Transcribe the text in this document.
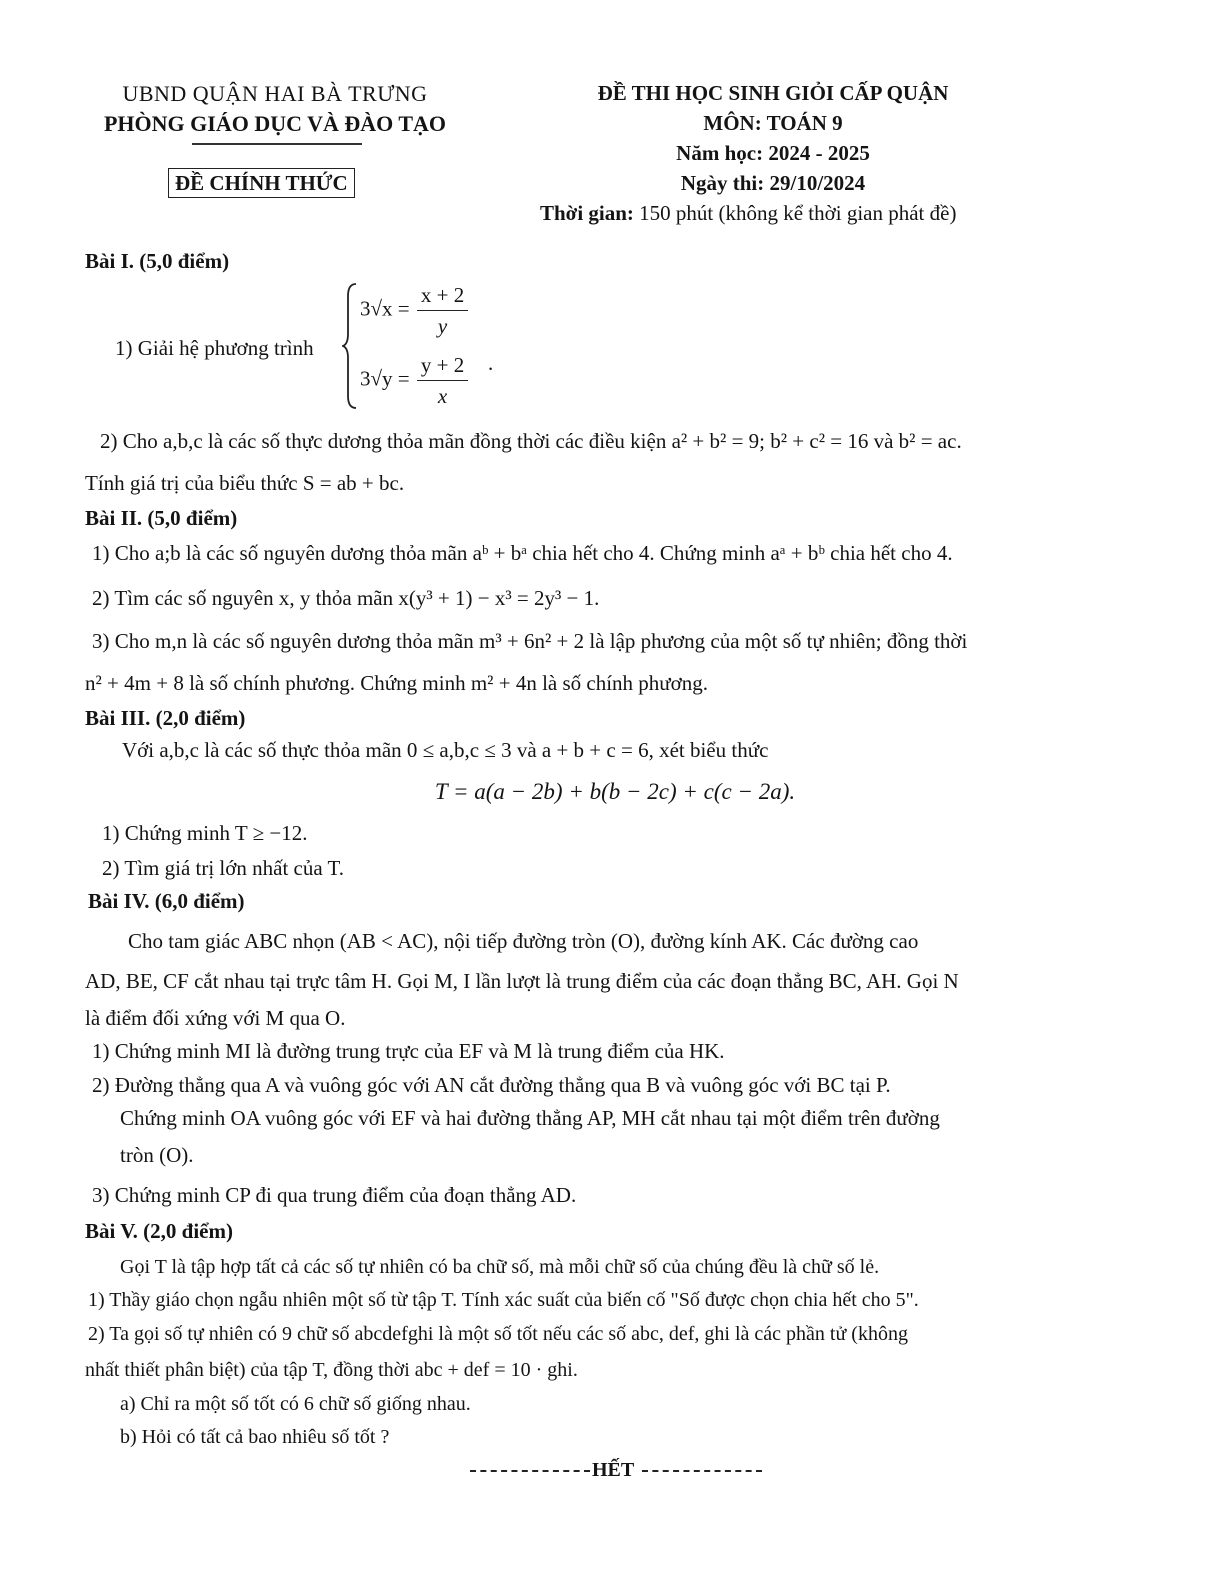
UBND QUẬN HAI BÀ TRƯNG
PHÒNG GIÁO DỤC VÀ ĐÀO TẠO
ĐỀ CHÍNH THỨC
ĐỀ THI HỌC SINH GIỎI CẤP QUẬN
MÔN: TOÁN 9
Năm học: 2024 - 2025
Ngày thi: 29/10/2024
Thời gian: 150 phút (không kể thời gian phát đề)
Bài I. (5,0 điểm)
1) Giải hệ phương trình
$3√x = \frac{x + 2}{y}$
$3√y = \frac{y + 2}{x}$ .
2) Cho a,b,c là các số thực dương thỏa mãn đồng thời các điều kiện a² + b² = 9; b² + c² = 16 và b² = ac.
Tính giá trị của biểu thức S = ab + bc.
Bài II. (5,0 điểm)
1) Cho a;b là các số nguyên dương thỏa mãn aᵇ + bᵃ chia hết cho 4. Chứng minh aᵃ + bᵇ chia hết cho 4.
2) Tìm các số nguyên x, y thỏa mãn x(y³ + 1) − x³ = 2y³ − 1.
3) Cho m,n là các số nguyên dương thỏa mãn m³ + 6n² + 2 là lập phương của một số tự nhiên; đồng thời
n² + 4m + 8 là số chính phương. Chứng minh m² + 4n là số chính phương.
Bài III. (2,0 điểm)
Với a,b,c là các số thực thỏa mãn 0 ≤ a,b,c ≤ 3 và a + b + c = 6, xét biểu thức
T = a(a − 2b) + b(b − 2c) + c(c − 2a).
1) Chứng minh T ≥ −12.
2) Tìm giá trị lớn nhất của T.
Bài IV. (6,0 điểm)
Cho tam giác ABC nhọn (AB < AC), nội tiếp đường tròn (O), đường kính AK. Các đường cao
AD, BE, CF cắt nhau tại trực tâm H. Gọi M, I lần lượt là trung điểm của các đoạn thẳng BC, AH. Gọi N
là điểm đối xứng với M qua O.
1) Chứng minh MI là đường trung trực của EF và M là trung điểm của HK.
2) Đường thẳng qua A và vuông góc với AN cắt đường thẳng qua B và vuông góc với BC tại P.
Chứng minh OA vuông góc với EF và hai đường thẳng AP, MH cắt nhau tại một điểm trên đường
tròn (O).
3) Chứng minh CP đi qua trung điểm của đoạn thẳng AD.
Bài V. (2,0 điểm)
Gọi T là tập hợp tất cả các số tự nhiên có ba chữ số, mà mỗi chữ số của chúng đều là chữ số lẻ.
1) Thầy giáo chọn ngẫu nhiên một số từ tập T. Tính xác suất của biến cố "Số được chọn chia hết cho 5".
2) Ta gọi số tự nhiên có 9 chữ số abcdefghi là một số tốt nếu các số abc, def, ghi là các phần tử (không
nhất thiết phân biệt) của tập T, đồng thời abc + def = 10 · ghi.
a) Chỉ ra một số tốt có 6 chữ số giống nhau.
b) Hỏi có tất cả bao nhiêu số tốt ?
HẾT
